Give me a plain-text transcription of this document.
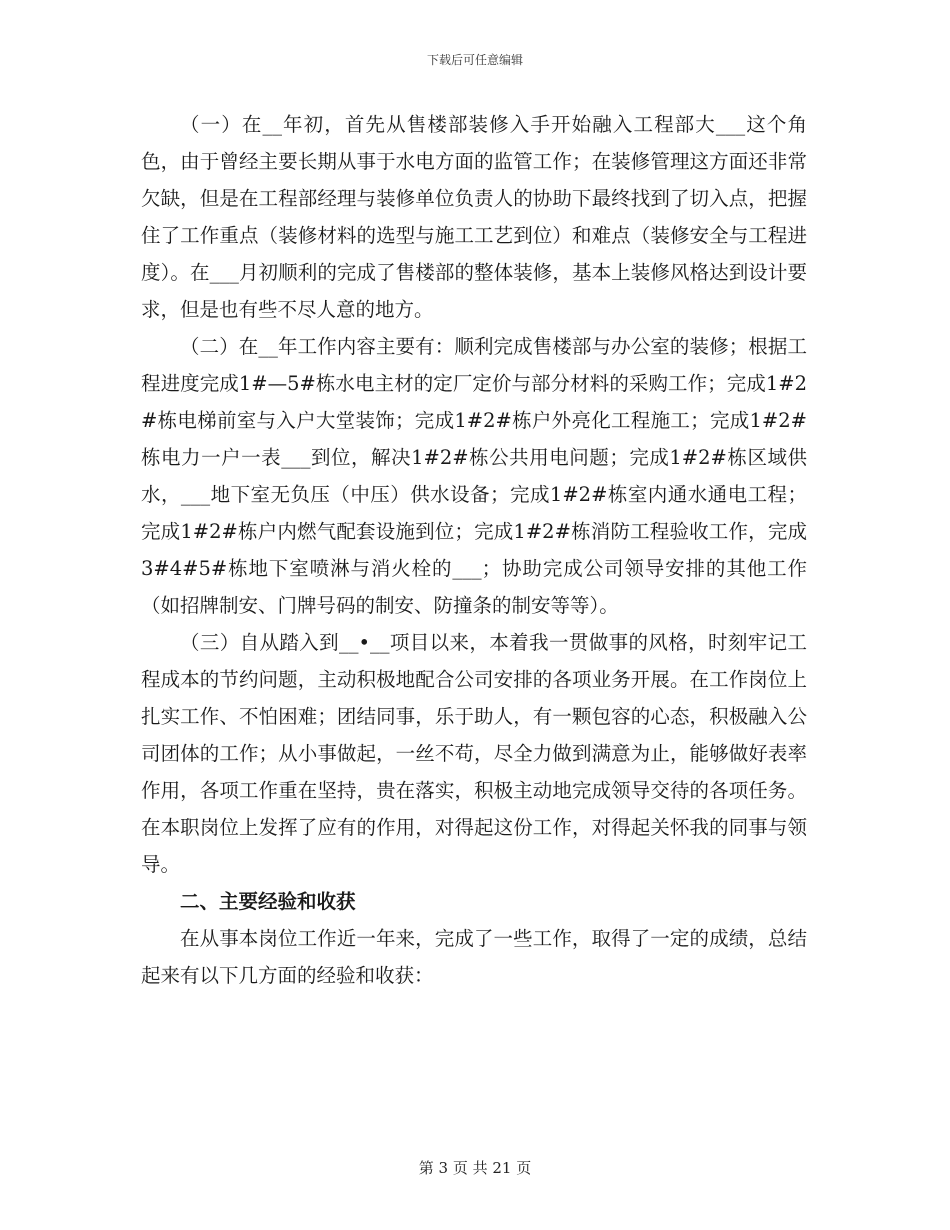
下载后可任意编辑

（一）在__年初，首先从售楼部装修入手开始融入工程部大___这个角色，由于曾经主要长期从事于水电方面的监管工作；在装修管理这方面还非常欠缺，但是在工程部经理与装修单位负责人的协助下最终找到了切入点，把握住了工作重点（装修材料的选型与施工工艺到位）和难点（装修安全与工程进度）。在___月初顺利的完成了售楼部的整体装修，基本上装修风格达到设计要求，但是也有些不尽人意的地方。

（二）在__年工作内容主要有：顺利完成售楼部与办公室的装修；根据工程进度完成1#—5#栋水电主材的定厂定价与部分材料的采购工作；完成1#2#栋电梯前室与入户大堂装饰；完成1#2#栋户外亮化工程施工；完成1#2#栋电力一户一表___到位，解决1#2#栋公共用电问题；完成1#2#栋区域供水，___地下室无负压（中压）供水设备；完成1#2#栋室内通水通电工程；完成1#2#栋户内燃气配套设施到位；完成1#2#栋消防工程验收工作，完成3#4#5#栋地下室喷淋与消火栓的___；协助完成公司领导安排的其他工作（如招牌制安、门牌号码的制安、防撞条的制安等等）。

（三）自从踏入到__•__项目以来，本着我一贯做事的风格，时刻牢记工程成本的节约问题，主动积极地配合公司安排的各项业务开展。在工作岗位上扎实工作、不怕困难；团结同事，乐于助人，有一颗包容的心态，积极融入公司团体的工作；从小事做起，一丝不苟，尽全力做到满意为止，能够做好表率作用，各项工作重在坚持，贵在落实，积极主动地完成领导交待的各项任务。在本职岗位上发挥了应有的作用，对得起这份工作，对得起关怀我的同事与领导。

二、主要经验和收获

在从事本岗位工作近一年来，完成了一些工作，取得了一定的成绩，总结起来有以下几方面的经验和收获：

第 3 页 共 21 页
